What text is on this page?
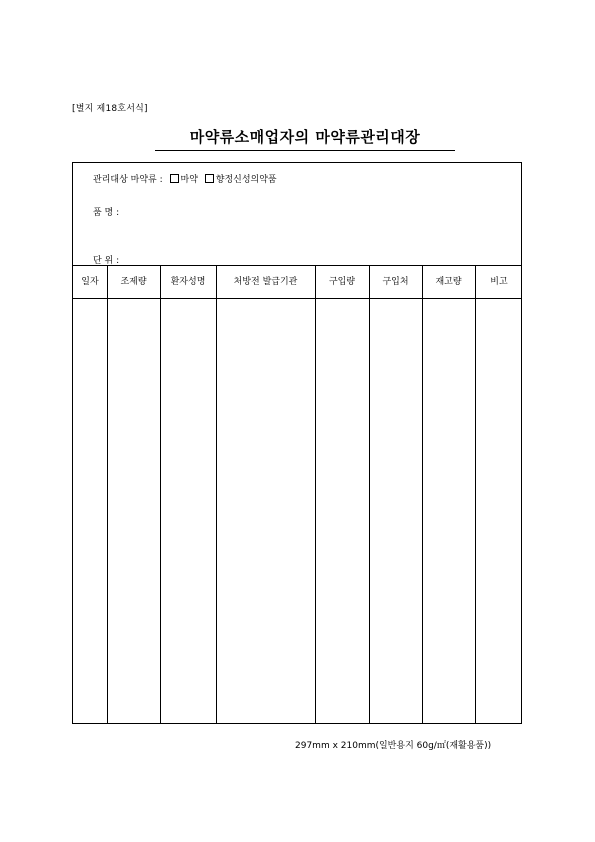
[별지 제18호서식]
마약류소매업자의 마약류관리대장
관리대상 마약류 : 마약 향정신성의약품
품 명 :
단 위 :
일자	조제량	환자성명	처방전 발급기관	구입량	구입처	재고량	비고
297mm x 210mm(일반용지 60g/㎡(재활용품))
